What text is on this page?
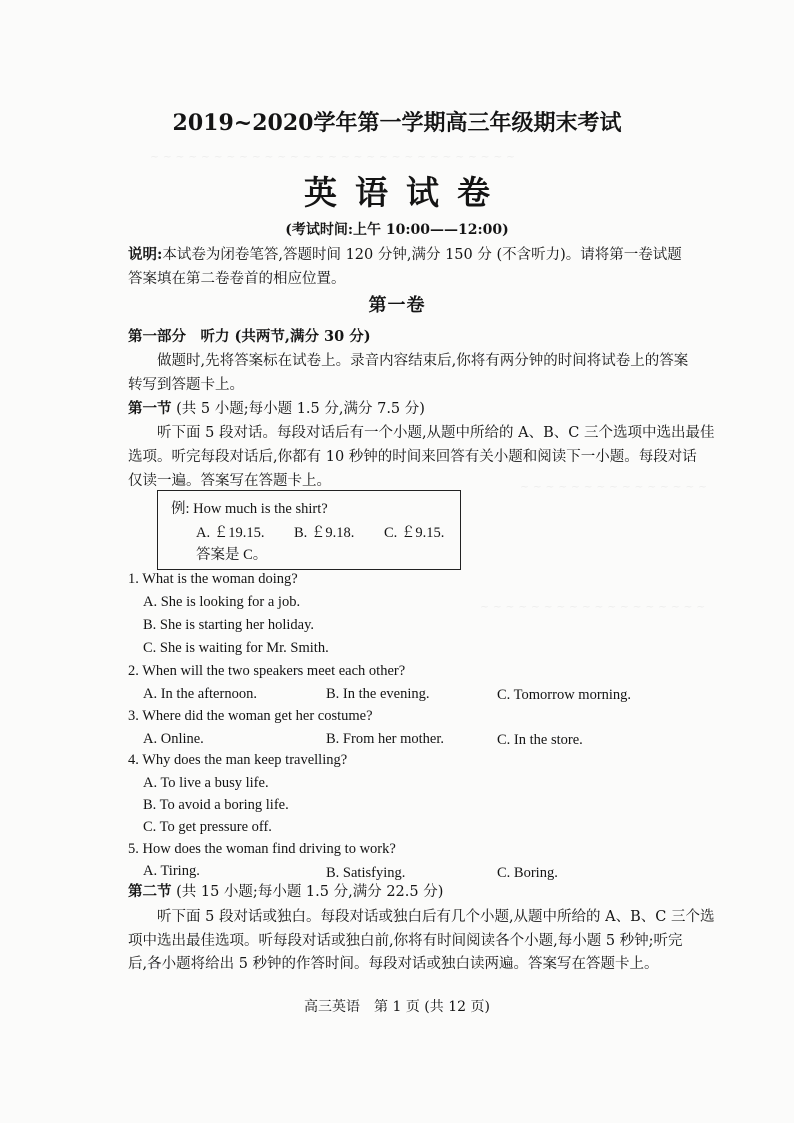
~ ~ ~ ~ ~ ~ ~ ~ ~ ~ ~ ~ ~ ~ ~ ~ ~ ~ ~ ~ ~ ~ ~ ~ ~ ~ ~ ~ ~
~ ~ ~ ~ ~ ~ ~ ~ ~ ~ ~ ~ ~ ~ ~
~ ~ ~ ~ ~ ~ ~ ~ ~ ~ ~ ~ ~ ~ ~ ~ ~ ~
2019~2020学年第一学期高三年级期末考试
英语试卷
(考试时间:上午 10:00——12:00)
说明:本试卷为闭卷笔答,答题时间 120 分钟,满分 150 分 (不含听力)。请将第一卷试题
答案填在第二卷卷首的相应位置。
第一卷
第一部分　听力 (共两节,满分 30 分)
做题时,先将答案标在试卷上。录音内容结束后,你将有两分钟的时间将试卷上的答案
转写到答题卡上。
第一节 (共 5 小题;每小题 1.5 分,满分 7.5 分)
听下面 5 段对话。每段对话后有一个小题,从题中所给的 A、B、C 三个选项中选出最佳
选项。听完每段对话后,你都有 10 秒钟的时间来回答有关小题和阅读下一小题。每段对话
仅读一遍。答案写在答题卡上。
例: How much is the shirt?
A. ￡19.15. B. ￡9.18. C. ￡9.15.
答案是 C。
1. What is the woman doing?
A. She is looking for a job.
B. She is starting her holiday.
C. She is waiting for Mr. Smith.
2. When will the two speakers meet each other?
A. In the afternoon.	B. In the evening.	C. Tomorrow morning.
3. Where did the woman get her costume?
A. Online.	B. From her mother.	C. In the store.
4. Why does the man keep travelling?
A. To live a busy life.
B. To avoid a boring life.
C. To get pressure off.
5. How does the woman find driving to work?
A. Tiring.	B. Satisfying.	C. Boring.
第二节 (共 15 小题;每小题 1.5 分,满分 22.5 分)
听下面 5 段对话或独白。每段对话或独白后有几个小题,从题中所给的 A、B、C 三个选
项中选出最佳选项。听每段对话或独白前,你将有时间阅读各个小题,每小题 5 秒钟;听完
后,各小题将给出 5 秒钟的作答时间。每段对话或独白读两遍。答案写在答题卡上。
高三英语　第 1 页 (共 12 页)
